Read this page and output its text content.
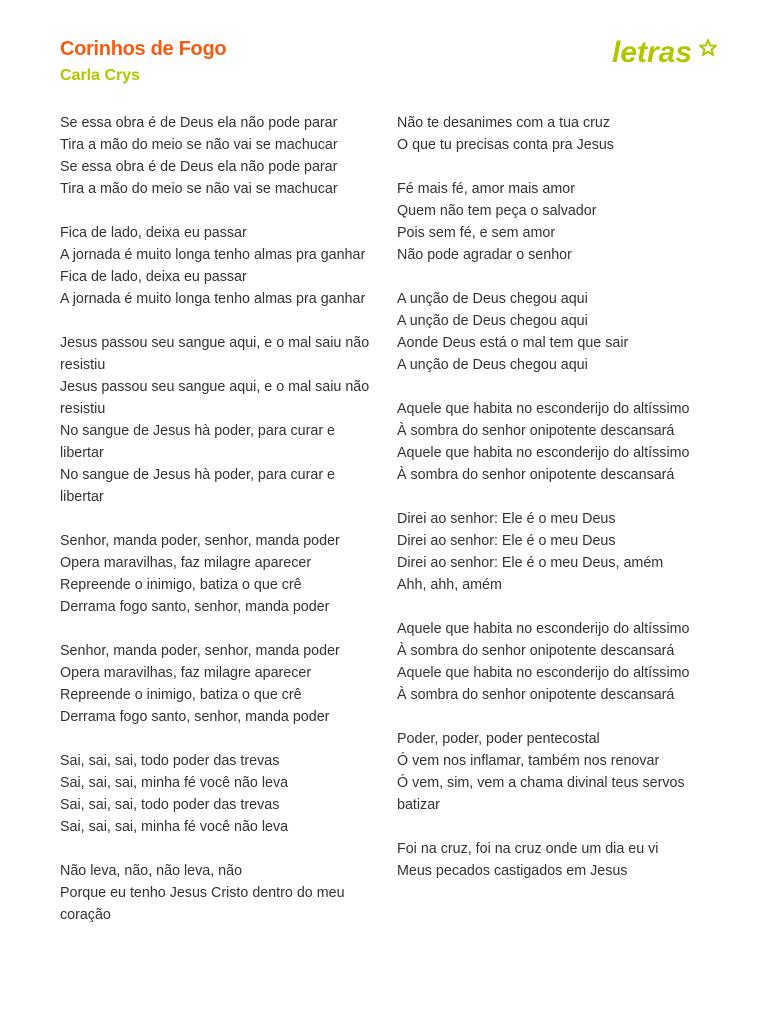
Corinhos de Fogo
Carla Crys
letras
Se essa obra é de Deus ela não pode parar
Tira a mão do meio se não vai se machucar
Se essa obra é de Deus ela não pode parar
Tira a mão do meio se não vai se machucar
Fica de lado, deixa eu passar
A jornada é muito longa tenho almas pra ganhar
Fica de lado, deixa eu passar
A jornada é muito longa tenho almas pra ganhar
Jesus passou seu sangue aqui, e o mal saiu não resistiu
Jesus passou seu sangue aqui, e o mal saiu não resistiu
No sangue de Jesus hà poder, para curar e libertar
No sangue de Jesus hà poder, para curar e libertar
Senhor, manda poder, senhor, manda poder
Opera maravilhas, faz milagre aparecer
Repreende o inimigo, batiza o que crê
Derrama fogo santo, senhor, manda poder
Senhor, manda poder, senhor, manda poder
Opera maravilhas, faz milagre aparecer
Repreende o inimigo, batiza o que crê
Derrama fogo santo, senhor, manda poder
Sai, sai, sai, todo poder das trevas
Sai, sai, sai, minha fé você não leva
Sai, sai, sai, todo poder das trevas
Sai, sai, sai, minha fé você não leva
Não leva, não, não leva, não
Porque eu tenho Jesus Cristo dentro do meu coração
Não te desanimes com a tua cruz
O que tu precisas conta pra Jesus
Fé mais fé, amor mais amor
Quem não tem peça o salvador
Pois sem fé, e sem amor
Não pode agradar o senhor
A unção de Deus chegou aqui
A unção de Deus chegou aqui
Aonde Deus está o mal tem que sair
A unção de Deus chegou aqui
Aquele que habita no esconderijo do altíssimo
À sombra do senhor onipotente descansará
Aquele que habita no esconderijo do altíssimo
À sombra do senhor onipotente descansará
Direi ao senhor: Ele é o meu Deus
Direi ao senhor: Ele é o meu Deus
Direi ao senhor: Ele é o meu Deus, amém
Ahh, ahh, amém
Aquele que habita no esconderijo do altíssimo
À sombra do senhor onipotente descansará
Aquele que habita no esconderijo do altíssimo
À sombra do senhor onipotente descansará
Poder, poder, poder pentecostal
Ó vem nos inflamar, também nos renovar
Ó vem, sim, vem a chama divinal teus servos batizar
Foi na cruz, foi na cruz onde um dia eu vi
Meus pecados castigados em Jesus
